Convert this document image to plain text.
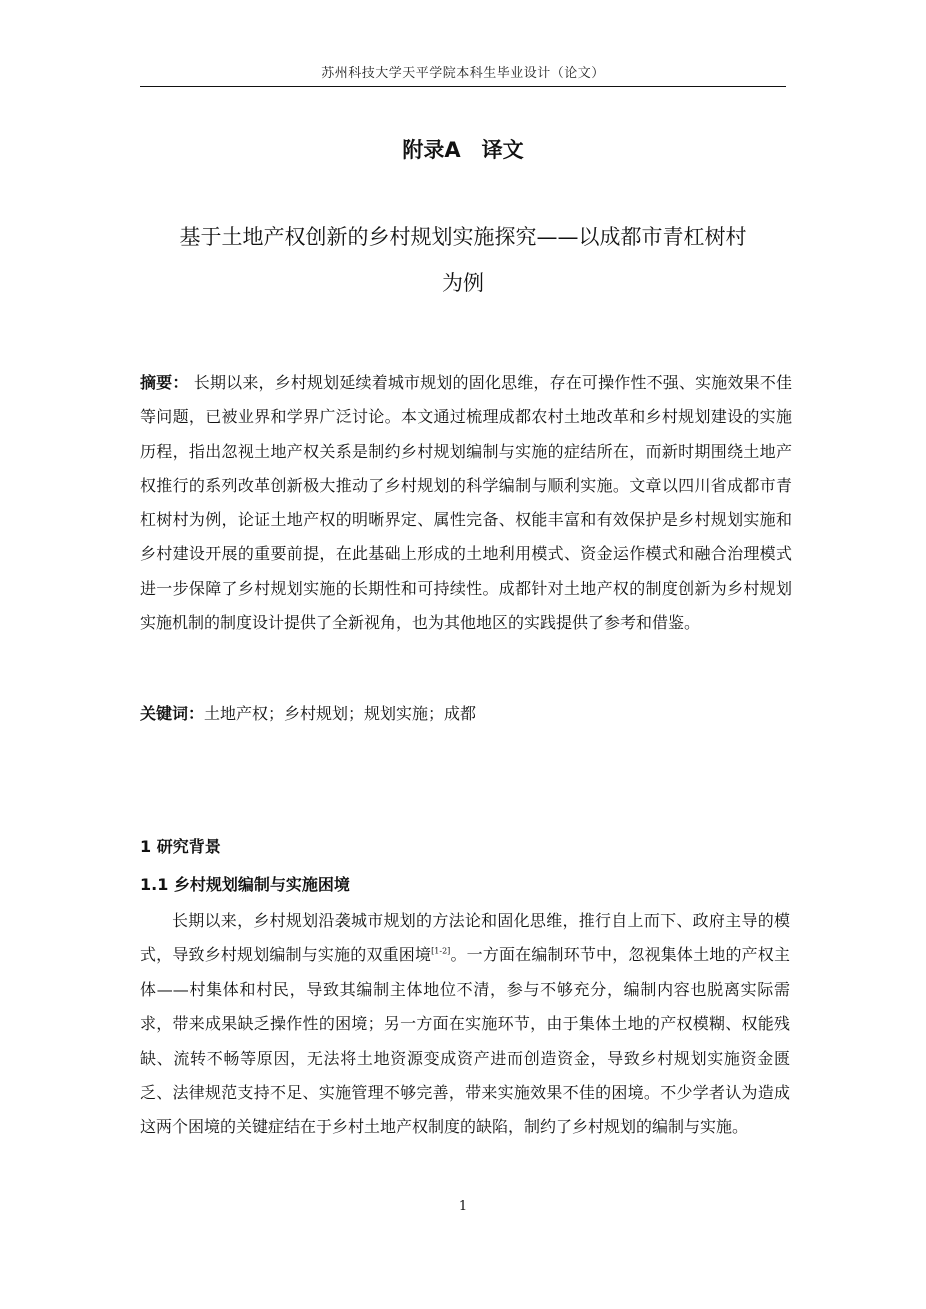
苏州科技大学天平学院本科生毕业设计（论文）
附录A　译文
基于土地产权创新的乡村规划实施探究——以成都市青杠树村
为例
摘要： 长期以来，乡村规划延续着城市规划的固化思维，存在可操作性不强、实施效果不佳等问题，已被业界和学界广泛讨论。本文通过梳理成都农村土地改革和乡村规划建设的实施历程，指出忽视土地产权关系是制约乡村规划编制与实施的症结所在，而新时期围绕土地产权推行的系列改革创新极大推动了乡村规划的科学编制与顺利实施。文章以四川省成都市青杠树村为例，论证土地产权的明晰界定、属性完备、权能丰富和有效保护是乡村规划实施和乡村建设开展的重要前提，在此基础上形成的土地利用模式、资金运作模式和融合治理模式进一步保障了乡村规划实施的长期性和可持续性。成都针对土地产权的制度创新为乡村规划实施机制的制度设计提供了全新视角，也为其他地区的实践提供了参考和借鉴。
关键词：土地产权；乡村规划；规划实施；成都
1 研究背景
1.1 乡村规划编制与实施困境
长期以来，乡村规划沿袭城市规划的方法论和固化思维，推行自上而下、政府主导的模式，导致乡村规划编制与实施的双重困境[1-2]。一方面在编制环节中，忽视集体土地的产权主体——村集体和村民，导致其编制主体地位不清，参与不够充分，编制内容也脱离实际需求，带来成果缺乏操作性的困境；另一方面在实施环节，由于集体土地的产权模糊、权能残缺、流转不畅等原因，无法将土地资源变成资产进而创造资金，导致乡村规划实施资金匮乏、法律规范支持不足、实施管理不够完善，带来实施效果不佳的困境。不少学者认为造成这两个困境的关键症结在于乡村土地产权制度的缺陷，制约了乡村规划的编制与实施。
1
